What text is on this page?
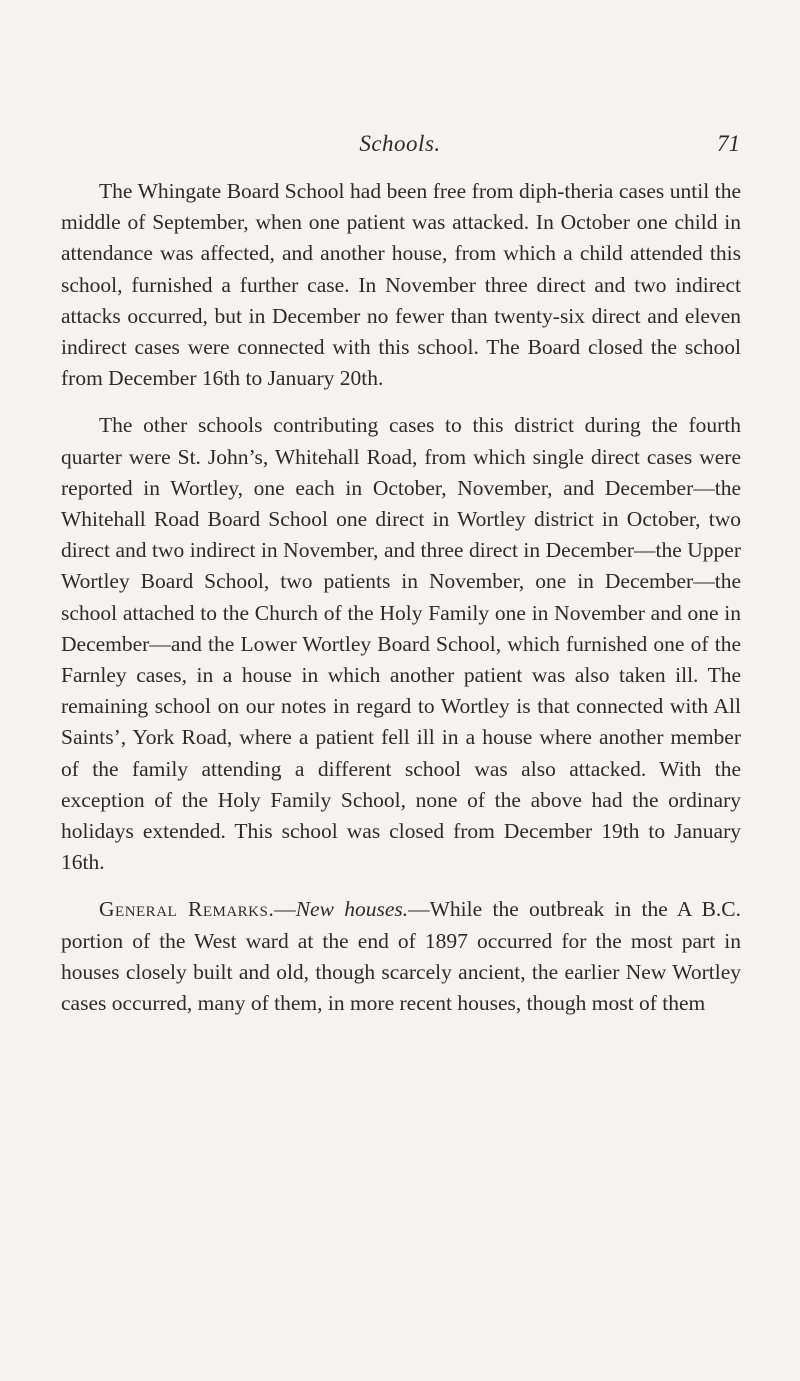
Schools.	71

The Whingate Board School had been free from diph-theria cases until the middle of September, when one patient was attacked. In October one child in attendance was affected, and another house, from which a child attended this school, furnished a further case. In November three direct and two indirect attacks occurred, but in December no fewer than twenty-six direct and eleven indirect cases were connected with this school. The Board closed the school from December 16th to January 20th.

The other schools contributing cases to this district during the fourth quarter were St. John’s, Whitehall Road, from which single direct cases were reported in Wortley, one each in October, November, and December—the Whitehall Road Board School one direct in Wortley district in October, two direct and two indirect in November, and three direct in December—the Upper Wortley Board School, two patients in November, one in December—the school attached to the Church of the Holy Family one in November and one in December—and the Lower Wortley Board School, which furnished one of the Farnley cases, in a house in which another patient was also taken ill. The remaining school on our notes in regard to Wortley is that connected with All Saints’, York Road, where a patient fell ill in a house where another member of the family attending a different school was also attacked. With the exception of the Holy Family School, none of the above had the ordinary holidays extended. This school was closed from December 19th to January 16th.

General Remarks.—New houses.—While the outbreak in the A B.C. portion of the West ward at the end of 1897 occurred for the most part in houses closely built and old, though scarcely ancient, the earlier New Wortley cases occurred, many of them, in more recent houses, though most of them
